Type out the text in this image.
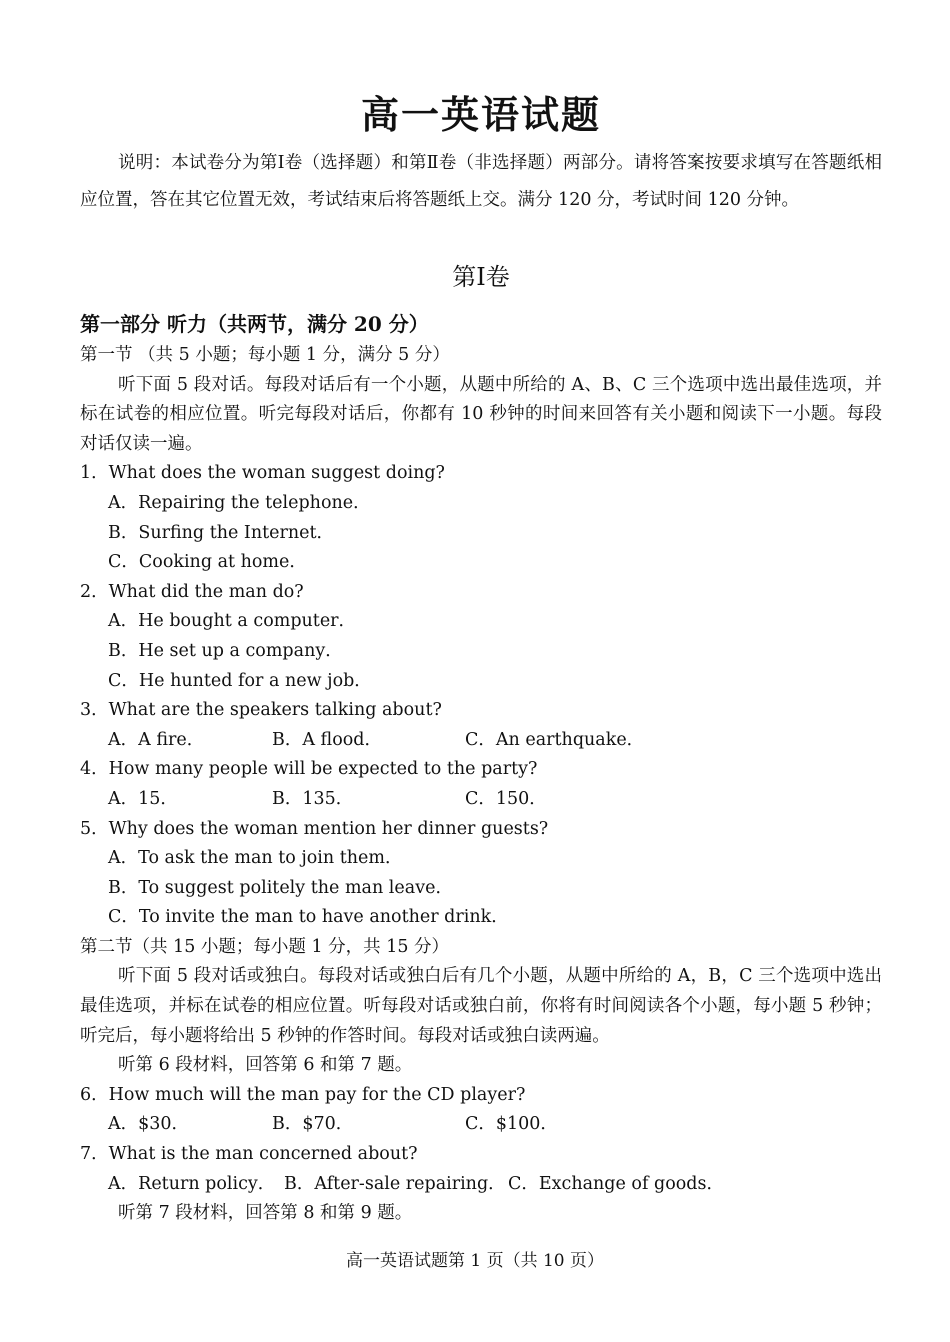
高一英语试题

说明：本试卷分为第Ⅰ卷（选择题）和第Ⅱ卷（非选择题）两部分。请将答案按要求填写在答题纸相应位置，答在其它位置无效，考试结束后将答题纸上交。满分 120 分，考试时间 120 分钟。

第Ⅰ卷

第一部分 听力（共两节，满分 20 分）

第一节 （共 5 小题；每小题 1 分，满分 5 分）

听下面 5 段对话。每段对话后有一个小题，从题中所给的 A、B、C 三个选项中选出最佳选项，并标在试卷的相应位置。听完每段对话后，你都有 10 秒钟的时间来回答有关小题和阅读下一小题。每段对话仅读一遍。

1．What does the woman suggest doing?

A．Repairing the telephone．

B．Surfing the Internet．

C．Cooking at home．

2．What did the man do?

A．He bought a computer．

B．He set up a company．

C．He hunted for a new job．

3．What are the speakers talking about?

A．A fire．	B．A flood．	C．An earthquake．

4．How many people will be expected to the party?

A．15．	B．135．	C．150．

5．Why does the woman mention her dinner guests?

A．To ask the man to join them．

B．To suggest politely the man leave．

C．To invite the man to have another drink．

第二节（共 15 小题；每小题 1 分，共 15 分）

听下面 5 段对话或独白。每段对话或独白后有几个小题，从题中所给的 A，B，C 三个选项中选出最佳选项，并标在试卷的相应位置。听每段对话或独白前，你将有时间阅读各个小题，每小题 5 秒钟；听完后，每小题将给出 5 秒钟的作答时间。每段对话或独白读两遍。

听第 6 段材料，回答第 6 和第 7 题。

6．How much will the man pay for the CD player?

A．$30．	B．$70．	C．$100．

7．What is the man concerned about?

A．Return policy． B．After-sale repairing． C．Exchange of goods．

听第 7 段材料，回答第 8 和第 9 题。

高一英语试题第 1 页（共 10 页）
